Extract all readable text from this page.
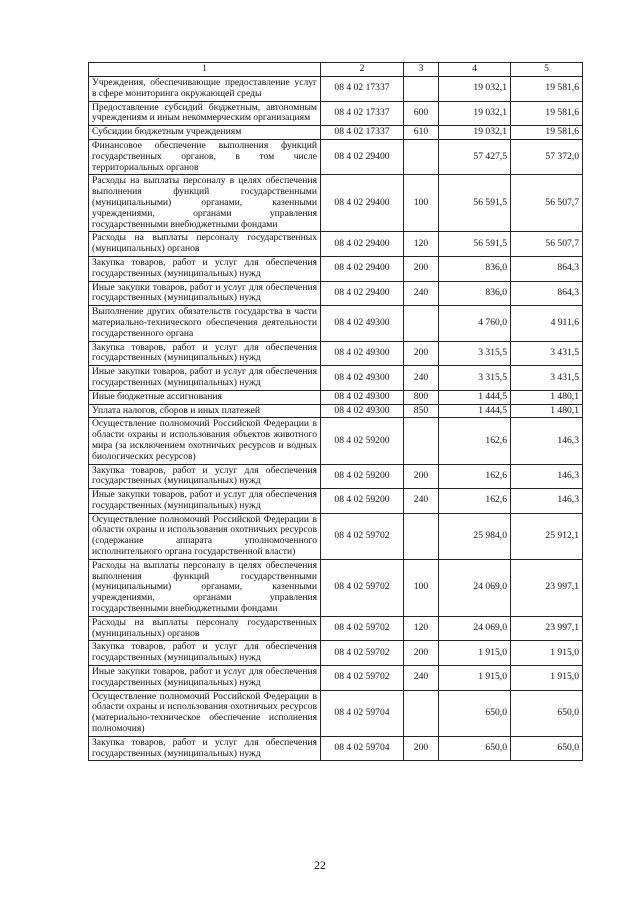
1	2	3	4	5
Учреждения, обеспечивающие предоставление услуг в сфере мониторинга окружающей среды	08 4 02 17337		19 032,1	19 581,6
Предоставление субсидий бюджетным, автономным учреждениям и иным некоммерческим организациям	08 4 02 17337	600	19 032,1	19 581,6
Субсидии бюджетным учреждениям	08 4 02 17337	610	19 032,1	19 581,6
Финансовое обеспечение выполнения функций государственных органов, в том числе территориальных органов	08 4 02 29400		57 427,5	57 372,0
Расходы на выплаты персоналу в целях обеспечения выполнения функций государственными (муниципальными) органами, казенными учреждениями, органами управления государственными внебюджетными фондами	08 4 02 29400	100	56 591,5	56 507,7
Расходы на выплаты персоналу государственных (муниципальных) органов	08 4 02 29400	120	56 591,5	56 507,7
Закупка товаров, работ и услуг для обеспечения государственных (муниципальных) нужд	08 4 02 29400	200	836,0	864,3
Иные закупки товаров, работ и услуг для обеспечения государственных (муниципальных) нужд	08 4 02 29400	240	836,0	864,3
Выполнение других обязательств государства в части материально-технического обеспечения деятельности государственного органа	08 4 02 49300		4 760,0	4 911,6
Закупка товаров, работ и услуг для обеспечения государственных (муниципальных) нужд	08 4 02 49300	200	3 315,5	3 431,5
Иные закупки товаров, работ и услуг для обеспечения государственных (муниципальных) нужд	08 4 02 49300	240	3 315,5	3 431,5
Иные бюджетные ассигнования	08 4 02 49300	800	1 444,5	1 480,1
Уплата налогов, сборов и иных платежей	08 4 02 49300	850	1 444,5	1 480,1
Осуществление полномочий Российской Федерации в области охраны и использования объектов животного мира (за исключением охотничьих ресурсов и водных биологических ресурсов)	08 4 02 59200		162,6	146,3
Закупка товаров, работ и услуг для обеспечения государственных (муниципальных) нужд	08 4 02 59200	200	162,6	146,3
Иные закупки товаров, работ и услуг для обеспечения государственных (муниципальных) нужд	08 4 02 59200	240	162,6	146,3
Осуществление полномочий Российской Федерации в области охраны и использования охотничьих ресурсов (содержание аппарата уполномоченного исполнительного органа государственной власти)	08 4 02 59702		25 984,0	25 912,1
Расходы на выплаты персоналу в целях обеспечения выполнения функций государственными (муниципальными) органами, казенными учреждениями, органами управления государственными внебюджетными фондами	08 4 02 59702	100	24 069,0	23 997,1
Расходы на выплаты персоналу государственных (муниципальных) органов	08 4 02 59702	120	24 069,0	23 997,1
Закупка товаров, работ и услуг для обеспечения государственных (муниципальных) нужд	08 4 02 59702	200	1 915,0	1 915,0
Иные закупки товаров, работ и услуг для обеспечения государственных (муниципальных) нужд	08 4 02 59702	240	1 915,0	1 915,0
Осуществление полномочий Российской Федерации в области охраны и использования охотничьих ресурсов (материально-техническое обеспечение исполнения полномочия)	08 4 02 59704		650,0	650,0
Закупка товаров, работ и услуг для обеспечения государственных (муниципальных) нужд	08 4 02 59704	200	650,0	650,0
22
